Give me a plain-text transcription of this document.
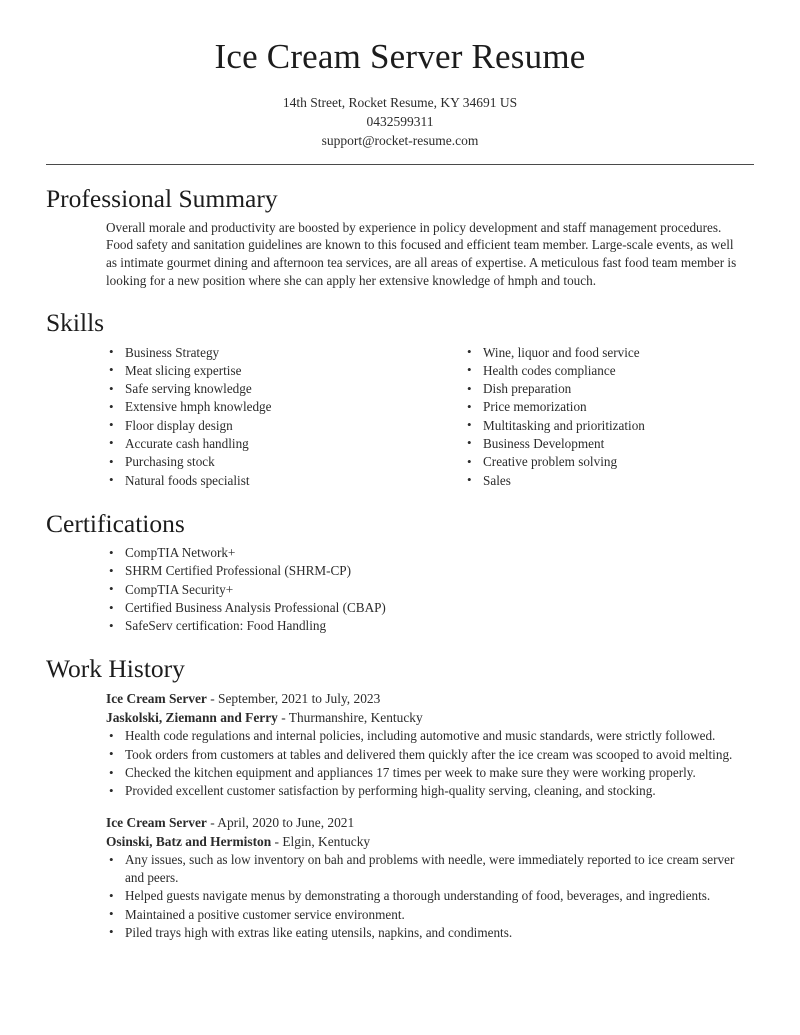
Ice Cream Server Resume
14th Street, Rocket Resume, KY 34691 US
0432599311
support@rocket-resume.com
Professional Summary

Overall morale and productivity are boosted by experience in policy development and staff management procedures. Food safety and sanitation guidelines are known to this focused and efficient team member. Large-scale events, as well as intimate gourmet dining and afternoon tea services, are all areas of expertise. A meticulous fast food team member is looking for a new position where she can apply her extensive knowledge of hmph and touch.

Skills
• Business Strategy
• Meat slicing expertise
• Safe serving knowledge
• Extensive hmph knowledge
• Floor display design
• Accurate cash handling
• Purchasing stock
• Natural foods specialist
• Wine, liquor and food service
• Health codes compliance
• Dish preparation
• Price memorization
• Multitasking and prioritization
• Business Development
• Creative problem solving
• Sales
Certifications
• CompTIA Network+
• SHRM Certified Professional (SHRM-CP)
• CompTIA Security+
• Certified Business Analysis Professional (CBAP)
• SafeServ certification: Food Handling
Work History
Ice Cream Server - September, 2021 to July, 2023
Jaskolski, Ziemann and Ferry - Thurmanshire, Kentucky
• Health code regulations and internal policies, including automotive and music standards, were strictly followed.
• Took orders from customers at tables and delivered them quickly after the ice cream was scooped to avoid melting.
• Checked the kitchen equipment and appliances 17 times per week to make sure they were working properly.
• Provided excellent customer satisfaction by performing high-quality serving, cleaning, and stocking.
Ice Cream Server - April, 2020 to June, 2021
Osinski, Batz and Hermiston - Elgin, Kentucky
• Any issues, such as low inventory on bah and problems with needle, were immediately reported to ice cream server and peers.
• Helped guests navigate menus by demonstrating a thorough understanding of food, beverages, and ingredients.
• Maintained a positive customer service environment.
• Piled trays high with extras like eating utensils, napkins, and condiments.
